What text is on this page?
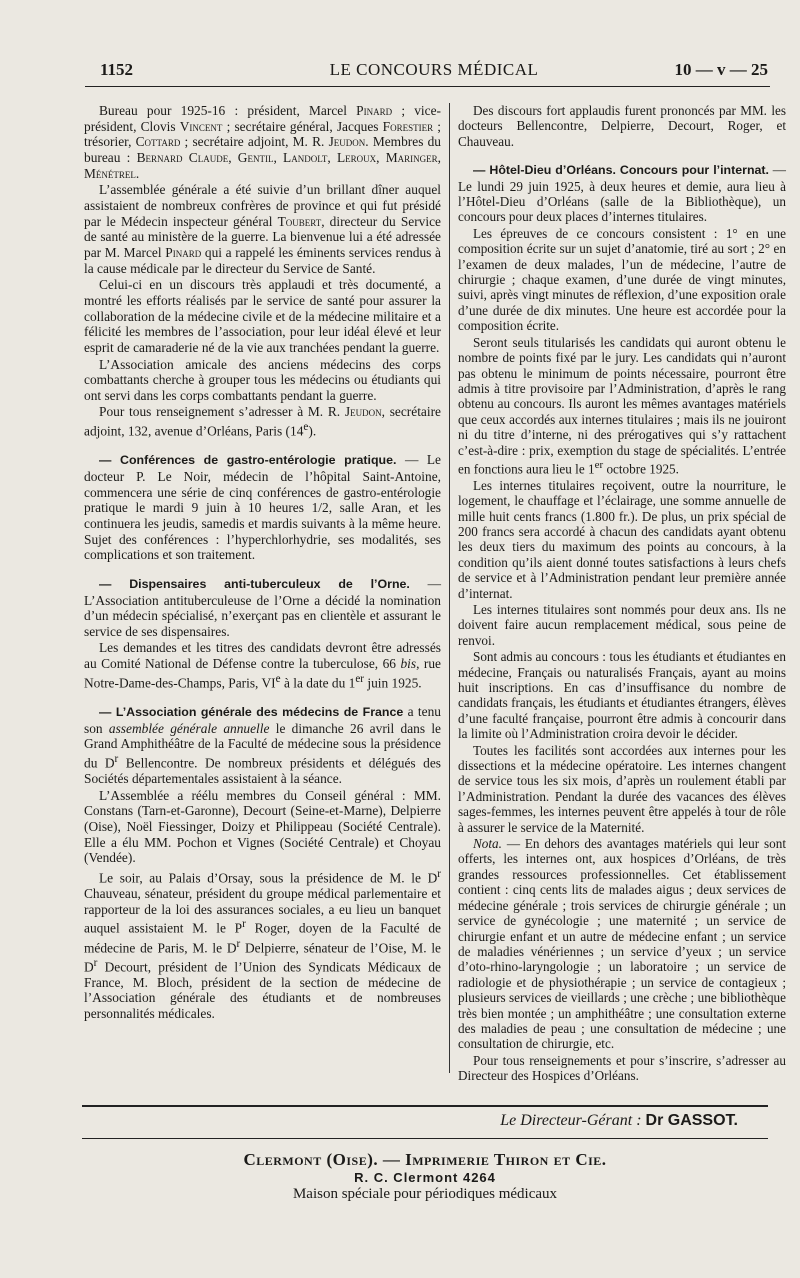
1152	LE CONCOURS MÉDICAL	10 — v — 25

Bureau pour 1925-16 : président, Marcel Pinard ; vice-président, Clovis Vincent ; secrétaire général, Jacques Forestier ; trésorier, Cottard ; secrétaire adjoint, M. R. Jeudon. Membres du bureau : Bernard Claude, Gentil, Landolt, Leroux, Maringer, Ménétrel.

L’assemblée générale a été suivie d’un brillant dîner auquel assistaient de nombreux confrères de province et qui fut présidé par le Médecin inspecteur général Toubert, directeur du Service de santé au ministère de la guerre. La bienvenue lui a été adressée par M. Marcel Pinard qui a rappelé les éminents services rendus à la cause médicale par le directeur du Service de Santé.

Celui-ci en un discours très applaudi et très documenté, a montré les efforts réalisés par le service de santé pour assurer la collaboration de la médecine civile et de la médecine militaire et a félicité les membres de l’association, pour leur idéal élevé et leur esprit de camaraderie né de la vie aux tranchées pendant la guerre.

L’Association amicale des anciens médecins des corps combattants cherche à grouper tous les médecins ou étudiants qui ont servi dans les corps combattants pendant la guerre.

Pour tous renseignement s’adresser à M. R. Jeudon, secrétaire adjoint, 132, avenue d’Orléans, Paris (14e).

— Conférences de gastro-entérologie pratique. — Le docteur P. Le Noir, médecin de l’hôpital Saint-Antoine, commencera une série de cinq conférences de gastro-entérologie pratique le mardi 9 juin à 10 heures 1/2, salle Aran, et les continuera les jeudis, samedis et mardis suivants à la même heure. Sujet des conférences : l’hyperchlorhydrie, ses modalités, ses complications et son traitement.

— Dispensaires anti-tuberculeux de l’Orne. — L’Association antituberculeuse de l’Orne a décidé la nomination d’un médecin spécialisé, n’exerçant pas en clientèle et assurant le service de ses dispensaires.

Les demandes et les titres des candidats devront être adressés au Comité National de Défense contre la tuberculose, 66 bis, rue Notre-Dame-des-Champs, Paris, VIe à la date du 1er juin 1925.

— L’Association générale des médecins de France a tenu son assemblée générale annuelle le dimanche 26 avril dans le Grand Amphithéâtre de la Faculté de médecine sous la présidence du $D^r$ Bellencontre. De nombreux présidents et délégués des Sociétés départementales assistaient à la séance.

L’Assemblée a réélu membres du Conseil général : MM. Constans (Tarn-et-Garonne), Decourt (Seine-et-Marne), Delpierre (Oise), Noël Fiessinger, Doizy et Philippeau (Société Centrale). Elle a élu MM. Pochon et Vignes (Société Centrale) et Choyau (Vendée).

Le soir, au Palais d’Orsay, sous la présidence de M. le $D^r$ Chauveau, sénateur, président du groupe médical parlementaire et rapporteur de la loi des assurances sociales, a eu lieu un banquet auquel assistaient M. le $P^r$ Roger, doyen de la Faculté de médecine de Paris, M. le $D^r$ Delpierre, sénateur de l’Oise, M. le $D^r$ Decourt, président de l’Union des Syndicats Médicaux de France, M. Bloch, président de la section de médecine de l’Association générale des étudiants et de nombreuses personnalités médicales.

Des discours fort applaudis furent prononcés par MM. les docteurs Bellencontre, Delpierre, Decourt, Roger, et Chauveau.

— Hôtel-Dieu d’Orléans. Concours pour l’internat. — Le lundi 29 juin 1925, à deux heures et demie, aura lieu à l’Hôtel-Dieu d’Orléans (salle de la Bibliothèque), un concours pour deux places d’internes titulaires.

Les épreuves de ce concours consistent : 1° en une composition écrite sur un sujet d’anatomie, tiré au sort ; 2° en l’examen de deux malades, l’un de médecine, l’autre de chirurgie ; chaque examen, d’une durée de vingt minutes, suivi, après vingt minutes de réflexion, d’une exposition orale d’une durée de dix minutes. Une heure est accordée pour la composition écrite.

Seront seuls titularisés les candidats qui auront obtenu le nombre de points fixé par le jury. Les candidats qui n’auront pas obtenu le minimum de points nécessaire, pourront être admis à titre provisoire par l’Administration, d’après le rang obtenu au concours. Ils auront les mêmes avantages matériels que ceux accordés aux internes titulaires ; mais ils ne jouiront ni du titre d’interne, ni des prérogatives qui s’y rattachent c’est-à-dire : prix, exemption du stage de spécialités. L’entrée en fonctions aura lieu le 1er octobre 1925.

Les internes titulaires reçoivent, outre la nourriture, le logement, le chauffage et l’éclairage, une somme annuelle de mille huit cents francs (1.800 fr.). De plus, un prix spécial de 200 francs sera accordé à chacun des candidats ayant obtenu les deux tiers du maximum des points au concours, à la condition qu’ils aient donné toutes satisfactions à leurs chefs de service et à l’Administration pendant leur première année d’internat.

Les internes titulaires sont nommés pour deux ans. Ils ne doivent faire aucun remplacement médical, sous peine de renvoi.

Sont admis au concours : tous les étudiants et étudiantes en médecine, Français ou naturalisés Français, ayant au moins huit inscriptions. En cas d’insuffisance du nombre de candidats français, les étudiants et étudiantes étrangers, élèves d’une faculté française, pourront être admis à concourir dans la limite où l’Administration croira devoir le décider.

Toutes les facilités sont accordées aux internes pour les dissections et la médecine opératoire. Les internes changent de service tous les six mois, d’après un roulement établi par l’Administration. Pendant la durée des vacances des élèves sages-femmes, les internes peuvent être appelés à tour de rôle à assurer le service de la Maternité.

Nota. — En dehors des avantages matériels qui leur sont offerts, les internes ont, aux hospices d’Orléans, de très grandes ressources professionnelles. Cet établissement contient : cinq cents lits de malades aigus ; deux services de médecine générale ; trois services de chirurgie générale ; un service de gynécologie ; une maternité ; un service de chirurgie enfant et un autre de médecine enfant ; un service de maladies vénériennes ; un service d’yeux ; un service d’oto-rhino-laryngologie ; un laboratoire ; un service de radiologie et de physiothérapie ; un service de contagieux ; plusieurs services de vieillards ; une crèche ; une bibliothèque très bien montée ; un amphithéâtre ; une consultation externe des maladies de peau ; une consultation de médecine ; une consultation de chirurgie, etc.

Pour tous renseignements et pour s’inscrire, s’adresser au Directeur des Hospices d’Orléans.

Le Directeur-Gérant : Dr GASSOT.
Clermont (Oise). — Imprimerie Thiron et Cie.
R. C. Clermont 4264
Maison spéciale pour périodiques médicaux
